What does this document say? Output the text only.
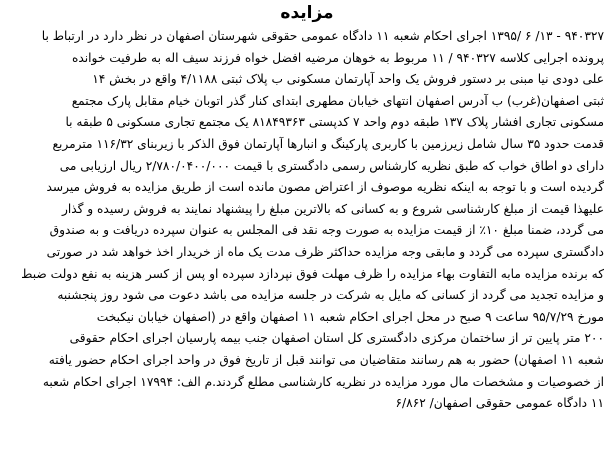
مزایده
۹۴۰۳۲۷ - ۱۳/ ۶ /۱۳۹۵ اجرای احکام شعبه ۱۱ دادگاه عمومی حقوقی شهرستان اصفهان در نظر دارد در ارتباط با
پرونده اجرایی کلاسه ۹۴۰۳۲۷ / ۱۱ مربوط به خوهان مرضیه افضل خواه فرزند سیف اله به طرفیت خوانده
علی دودی نیا مبنی بر دستور فروش یک واحد آپارتمان مسکونی ب پلاک ثبتی ۴/۱۱۸۸ واقع در بخش ۱۴
ثبتی اصفهان(غرب) ب آدرس اصفهان انتهای خیابان مطهری ابتدای کنار گذر اتوبان خیام مقابل پارک مجتمع
مسکونی تجاری افشار پلاک ۱۳۷ طبقه دوم واحد ۷ کدپستی ۸۱۸۴۹۳۶۳ یک مجتمع تجاری مسکونی ۵ طبقه با
قدمت حدود ۳۵ سال شامل زیرزمین با کاربری پارکینگ و انبارها آپارتمان فوق الذکر با زیربنای ۱۱۶/۳۲ مترمربع
دارای دو اطاق خواب که طبق نظریه کارشناس رسمی دادگستری با قیمت ۲/۷۸۰/۰۴۰۰/۰۰۰ ریال ارزیابی می
گردیده است و با توجه به اینکه نظریه موصوف از اعتراض مصون مانده است از طریق مزایده به فروش میرسد
علیهذا قیمت از مبلغ کارشناسی شروع و به کسانی که بالاترین مبلغ را پیشنهاد نمایند به فروش رسیده و گذار
می گردد، ضمنا مبلغ ۱۰٪ از قیمت مزایده به صورت وجه نقد فی المجلس به عنوان سپرده دریافت و به صندوق
دادگستری سپرده می گردد و مابقی وجه مزایده حداکثر ظرف مدت یک ماه از خریدار اخذ خواهد شد در صورتی
که برنده مزایده مابه التفاوت بهاء مزایده را ظرف مهلت فوق نپردازد سپرده او پس از کسر هزینه به نفع دولت ضبط
و مزایده تجدید می گردد از کسانی که مایل به شرکت در جلسه مزایده می باشد دعوت می شود روز پنجشنبه
مورخ ۹۵/۷/۲۹ ساعت ۹ صبح در محل اجرای احکام شعبه ۱۱ اصفهان واقع در (اصفهان خیابان نیکبخت
۲۰۰ متر پایین تر از ساختمان مرکزی دادگستری کل استان اصفهان جنب بیمه پارسیان اجرای احکام حقوقی
شعبه ۱۱ اصفهان) حضور به هم رسانند متقاضیان می توانند قبل از تاریخ فوق در واحد اجرای احکام حضور یافته
از خصوصیات و مشخصات مال مورد مزایده در نظریه کارشناسی مطلع گردند.م الف: ۱۷۹۹۴ اجرای احکام شعبه
۱۱ دادگاه عمومی حقوقی اصفهان/ ۶/۸۶۲
